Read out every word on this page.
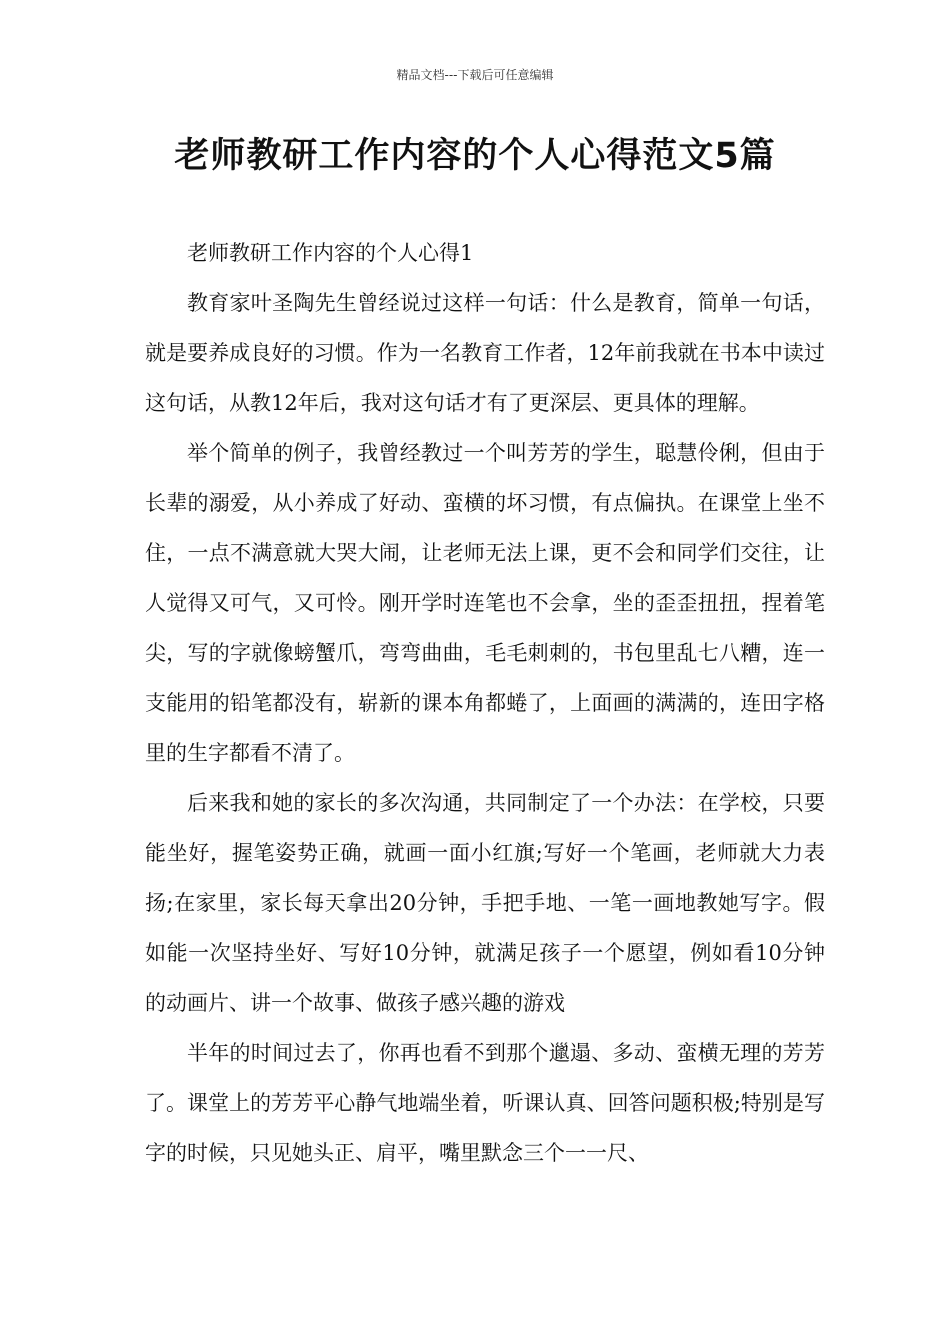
精品文档---下载后可任意编辑
老师教研工作内容的个人心得范文5篇

老师教研工作内容的个人心得1

教育家叶圣陶先生曾经说过这样一句话：什么是教育，简单一句话，就是要养成良好的习惯。作为一名教育工作者，12年前我就在书本中读过这句话，从教12年后，我对这句话才有了更深层、更具体的理解。

举个简单的例子，我曾经教过一个叫芳芳的学生，聪慧伶俐，但由于长辈的溺爱，从小养成了好动、蛮横的坏习惯，有点偏执。在课堂上坐不住，一点不满意就大哭大闹，让老师无法上课，更不会和同学们交往，让人觉得又可气，又可怜。刚开学时连笔也不会拿，坐的歪歪扭扭，捏着笔尖，写的字就像螃蟹爪，弯弯曲曲，毛毛刺刺的，书包里乱七八糟，连一支能用的铅笔都没有，崭新的课本角都蜷了，上面画的满满的，连田字格里的生字都看不清了。

后来我和她的家长的多次沟通，共同制定了一个办法：在学校，只要能坐好，握笔姿势正确，就画一面小红旗;写好一个笔画，老师就大力表扬;在家里，家长每天拿出20分钟，手把手地、一笔一画地教她写字。假如能一次坚持坐好、写好10分钟，就满足孩子一个愿望，例如看10分钟的动画片、讲一个故事、做孩子感兴趣的游戏

半年的时间过去了，你再也看不到那个邋遢、多动、蛮横无理的芳芳了。课堂上的芳芳平心静气地端坐着，听课认真、回答问题积极;特别是写字的时候，只见她头正、肩平，嘴里默念三个一一尺、
